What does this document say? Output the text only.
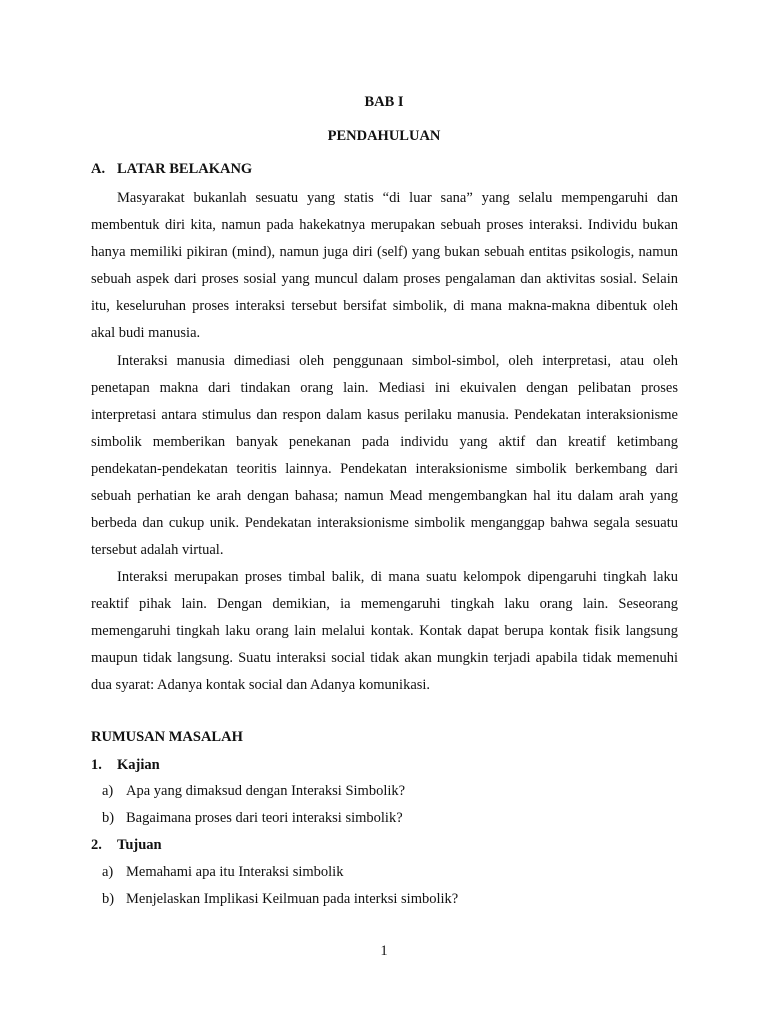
BAB I
PENDAHULUAN
A. LATAR BELAKANG

Masyarakat bukanlah sesuatu yang statis “di luar sana” yang selalu mempengaruhi dan membentuk diri kita, namun pada hakekatnya merupakan sebuah proses interaksi. Individu bukan hanya memiliki pikiran (mind), namun juga diri (self) yang bukan sebuah entitas psikologis, namun sebuah aspek dari proses sosial yang muncul dalam proses pengalaman dan aktivitas sosial. Selain itu, keseluruhan proses interaksi tersebut bersifat simbolik, di mana makna-makna dibentuk oleh akal budi manusia.

Interaksi manusia dimediasi oleh penggunaan simbol-simbol, oleh interpretasi, atau oleh penetapan makna dari tindakan orang lain. Mediasi ini ekuivalen dengan pelibatan proses interpretasi antara stimulus dan respon dalam kasus perilaku manusia. Pendekatan interaksionisme simbolik memberikan banyak penekanan pada individu yang aktif dan kreatif ketimbang pendekatan-pendekatan teoritis lainnya. Pendekatan interaksionisme simbolik berkembang dari sebuah perhatian ke arah dengan bahasa; namun Mead mengembangkan hal itu dalam arah yang berbeda dan cukup unik. Pendekatan interaksionisme simbolik menganggap bahwa segala sesuatu tersebut adalah virtual.

Interaksi merupakan proses timbal balik, di mana suatu kelompok dipengaruhi tingkah laku reaktif pihak lain. Dengan demikian, ia memengaruhi tingkah laku orang lain. Seseorang memengaruhi tingkah laku orang lain melalui kontak. Kontak dapat berupa kontak fisik langsung maupun tidak langsung. Suatu interaksi social tidak akan mungkin terjadi apabila tidak memenuhi dua syarat: Adanya kontak social dan Adanya komunikasi.

RUMUSAN MASALAH
1. Kajian
a) Apa yang dimaksud dengan Interaksi Simbolik?
b) Bagaimana proses dari teori interaksi simbolik?
2. Tujuan
a) Memahami apa itu Interaksi simbolik
b) Menjelaskan Implikasi Keilmuan pada interksi simbolik?
1
